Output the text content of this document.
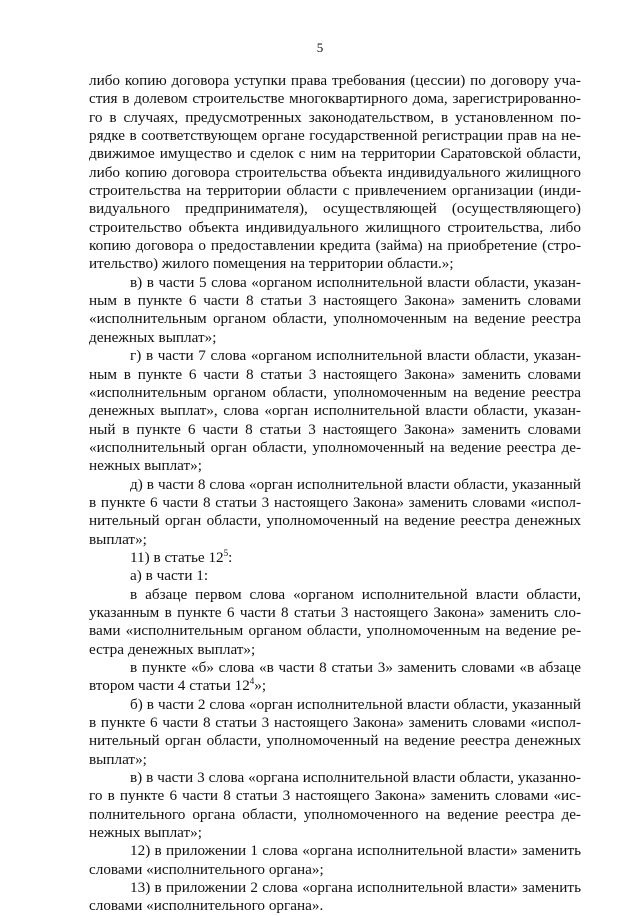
5
либо копию договора уступки права требования (цессии) по договору уча-
стия в долевом строительстве многоквартирного дома, зарегистрированно-
го в случаях, предусмотренных законодательством, в установленном по-
рядке в соответствующем органе государственной регистрации прав на не-
движимое имущество и сделок с ним на территории Саратовской области,
либо копию договора строительства объекта индивидуального жилищного
строительства на территории области с привлечением организации (инди-
видуального предпринимателя), осуществляющей (осуществляющего)
строительство объекта индивидуального жилищного строительства, либо
копию договора о предоставлении кредита (займа) на приобретение (стро-
ительство) жилого помещения на территории области.»;
в) в части 5 слова «органом исполнительной власти области, указан-
ным в пункте 6 части 8 статьи 3 настоящего Закона» заменить словами
«исполнительным органом области, уполномоченным на ведение реестра
денежных выплат»;
г) в части 7 слова «органом исполнительной власти области, указан-
ным в пункте 6 части 8 статьи 3 настоящего Закона» заменить словами
«исполнительным органом области, уполномоченным на ведение реестра
денежных выплат», слова «орган исполнительной власти области, указан-
ный в пункте 6 части 8 статьи 3 настоящего Закона» заменить словами
«исполнительный орган области, уполномоченный на ведение реестра де-
нежных выплат»;
д) в части 8 слова «орган исполнительной власти области, указанный
в пункте 6 части 8 статьи 3 настоящего Закона» заменить словами «испол-
нительный орган области, уполномоченный на ведение реестра денежных
выплат»;
11) в статье $12^5$:
а) в части 1:
в абзаце первом слова «органом исполнительной власти области,
указанным в пункте 6 части 8 статьи 3 настоящего Закона» заменить сло-
вами «исполнительным органом области, уполномоченным на ведение ре-
естра денежных выплат»;
в пункте «б» слова «в части 8 статьи 3» заменить словами «в абзаце
втором части 4 статьи $12^4$»;
б) в части 2 слова «орган исполнительной власти области, указанный
в пункте 6 части 8 статьи 3 настоящего Закона» заменить словами «испол-
нительный орган области, уполномоченный на ведение реестра денежных
выплат»;
в) в части 3 слова «органа исполнительной власти области, указанно-
го в пункте 6 части 8 статьи 3 настоящего Закона» заменить словами «ис-
полнительного органа области, уполномоченного на ведение реестра де-
нежных выплат»;
12) в приложении 1 слова «органа исполнительной власти» заменить
словами «исполнительного органа»;
13) в приложении 2 слова «органа исполнительной власти» заменить
словами «исполнительного органа».
